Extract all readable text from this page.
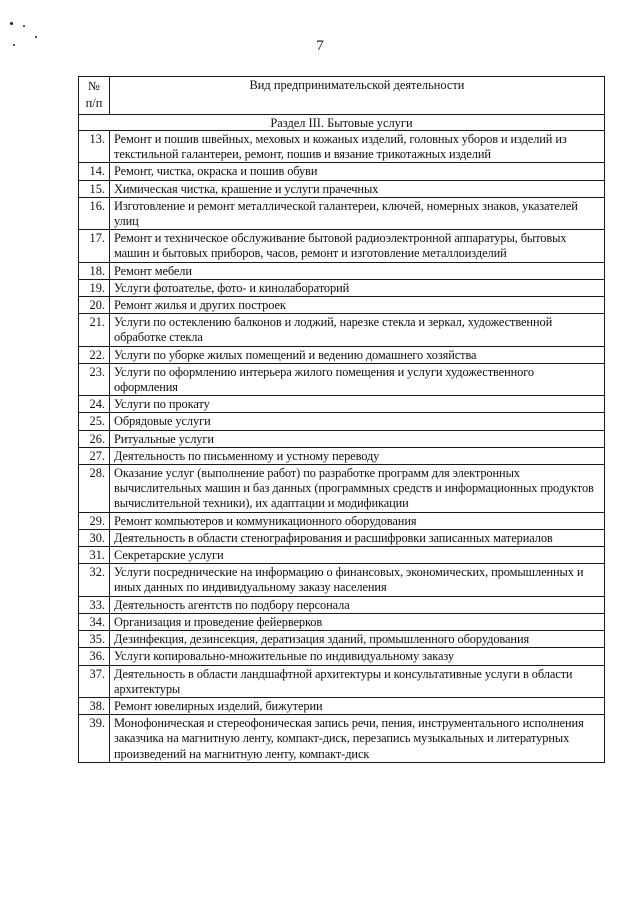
7
№ п/п	Вид предпринимательской деятельности
Раздел III. Бытовые услуги	
13.	Ремонт и пошив швейных, меховых и кожаных изделий, головных уборов и изделий из текстильной галантереи, ремонт, пошив и вязание трикотажных изделий
14.	Ремонт, чистка, окраска и пошив обуви
15.	Химическая чистка, крашение и услуги прачечных
16.	Изготовление и ремонт металлической галантереи, ключей, номерных знаков, указателей улиц
17.	Ремонт и техническое обслуживание бытовой радиоэлектронной аппаратуры, бытовых машин и бытовых приборов, часов, ремонт и изготовление металлоизделий
18.	Ремонт мебели
19.	Услуги фотоателье, фото- и кинолабораторий
20.	Ремонт жилья и других построек
21.	Услуги по остеклению балконов и лоджий, нарезке стекла и зеркал, художественной обработке стекла
22.	Услуги по уборке жилых помещений и ведению домашнего хозяйства
23.	Услуги по оформлению интерьера жилого помещения и услуги художественного оформления
24.	Услуги по прокату
25.	Обрядовые услуги
26.	Ритуальные услуги
27.	Деятельность по письменному и устному переводу
28.	Оказание услуг (выполнение работ) по разработке программ для электронных вычислительных машин и баз данных (программных средств и информационных продуктов вычислительной техники), их адаптации и модификации
29.	Ремонт компьютеров и коммуникационного оборудования
30.	Деятельность в области стенографирования и расшифровки записанных материалов
31.	Секретарские услуги
32.	Услуги посреднические на информацию о финансовых, экономических, промышленных и иных данных по индивидуальному заказу населения
33.	Деятельность агентств по подбору персонала
34.	Организация и проведение фейерверков
35.	Дезинфекция, дезинсекция, дератизация зданий, промышленного оборудования
36.	Услуги копировально-множительные по индивидуальному заказу
37.	Деятельность в области ландшафтной архитектуры и консультативные услуги в области архитектуры
38.	Ремонт ювелирных изделий, бижутерии
39.	Монофоническая и стереофоническая запись речи, пения, инструментального исполнения заказчика на магнитную ленту, компакт-диск, перезапись музыкальных и литературных произведений на магнитную ленту, компакт-диск
